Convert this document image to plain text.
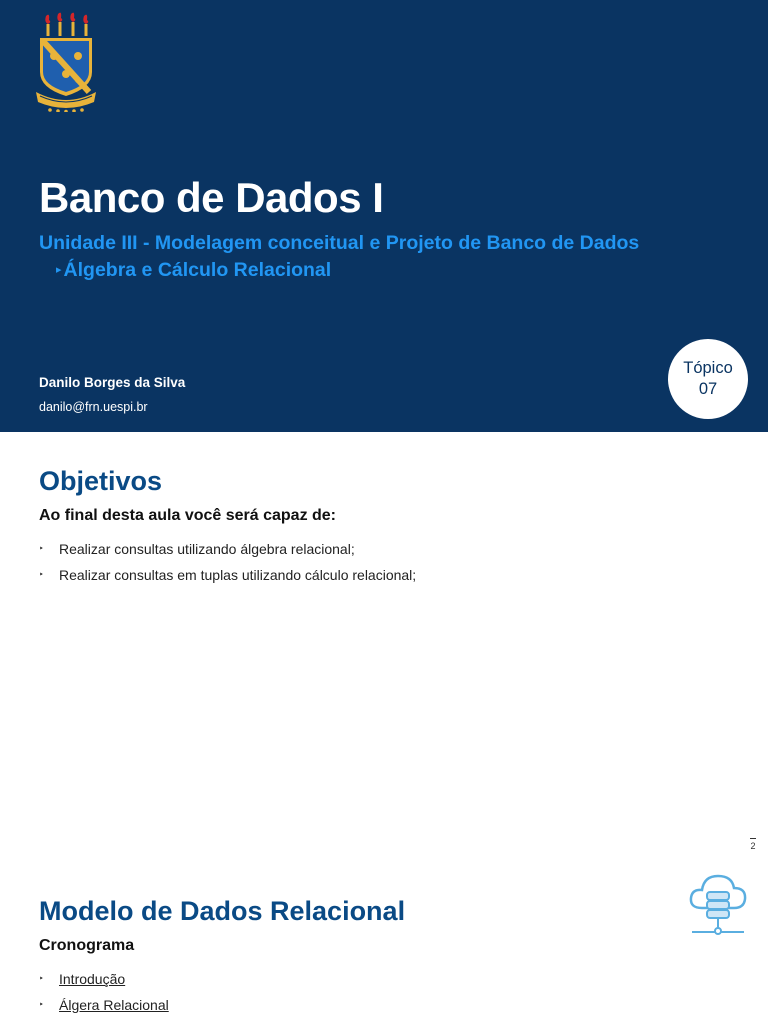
Banco de Dados I

Unidade III - Modelagem conceitual e Projeto de Banco de Dados

▸ Álgebra e Cálculo Relacional

Danilo Borges da Silva
danilo@frn.uespi.br
Tópico
07
Objetivos

Ao final desta aula você será capaz de:

‣ Realizar consultas utilizando álgebra relacional;
‣ Realizar consultas em tuplas utilizando cálculo relacional;
2
Modelo de Dados Relacional

Cronograma

‣ Introdução
‣ Álgera Relacional
